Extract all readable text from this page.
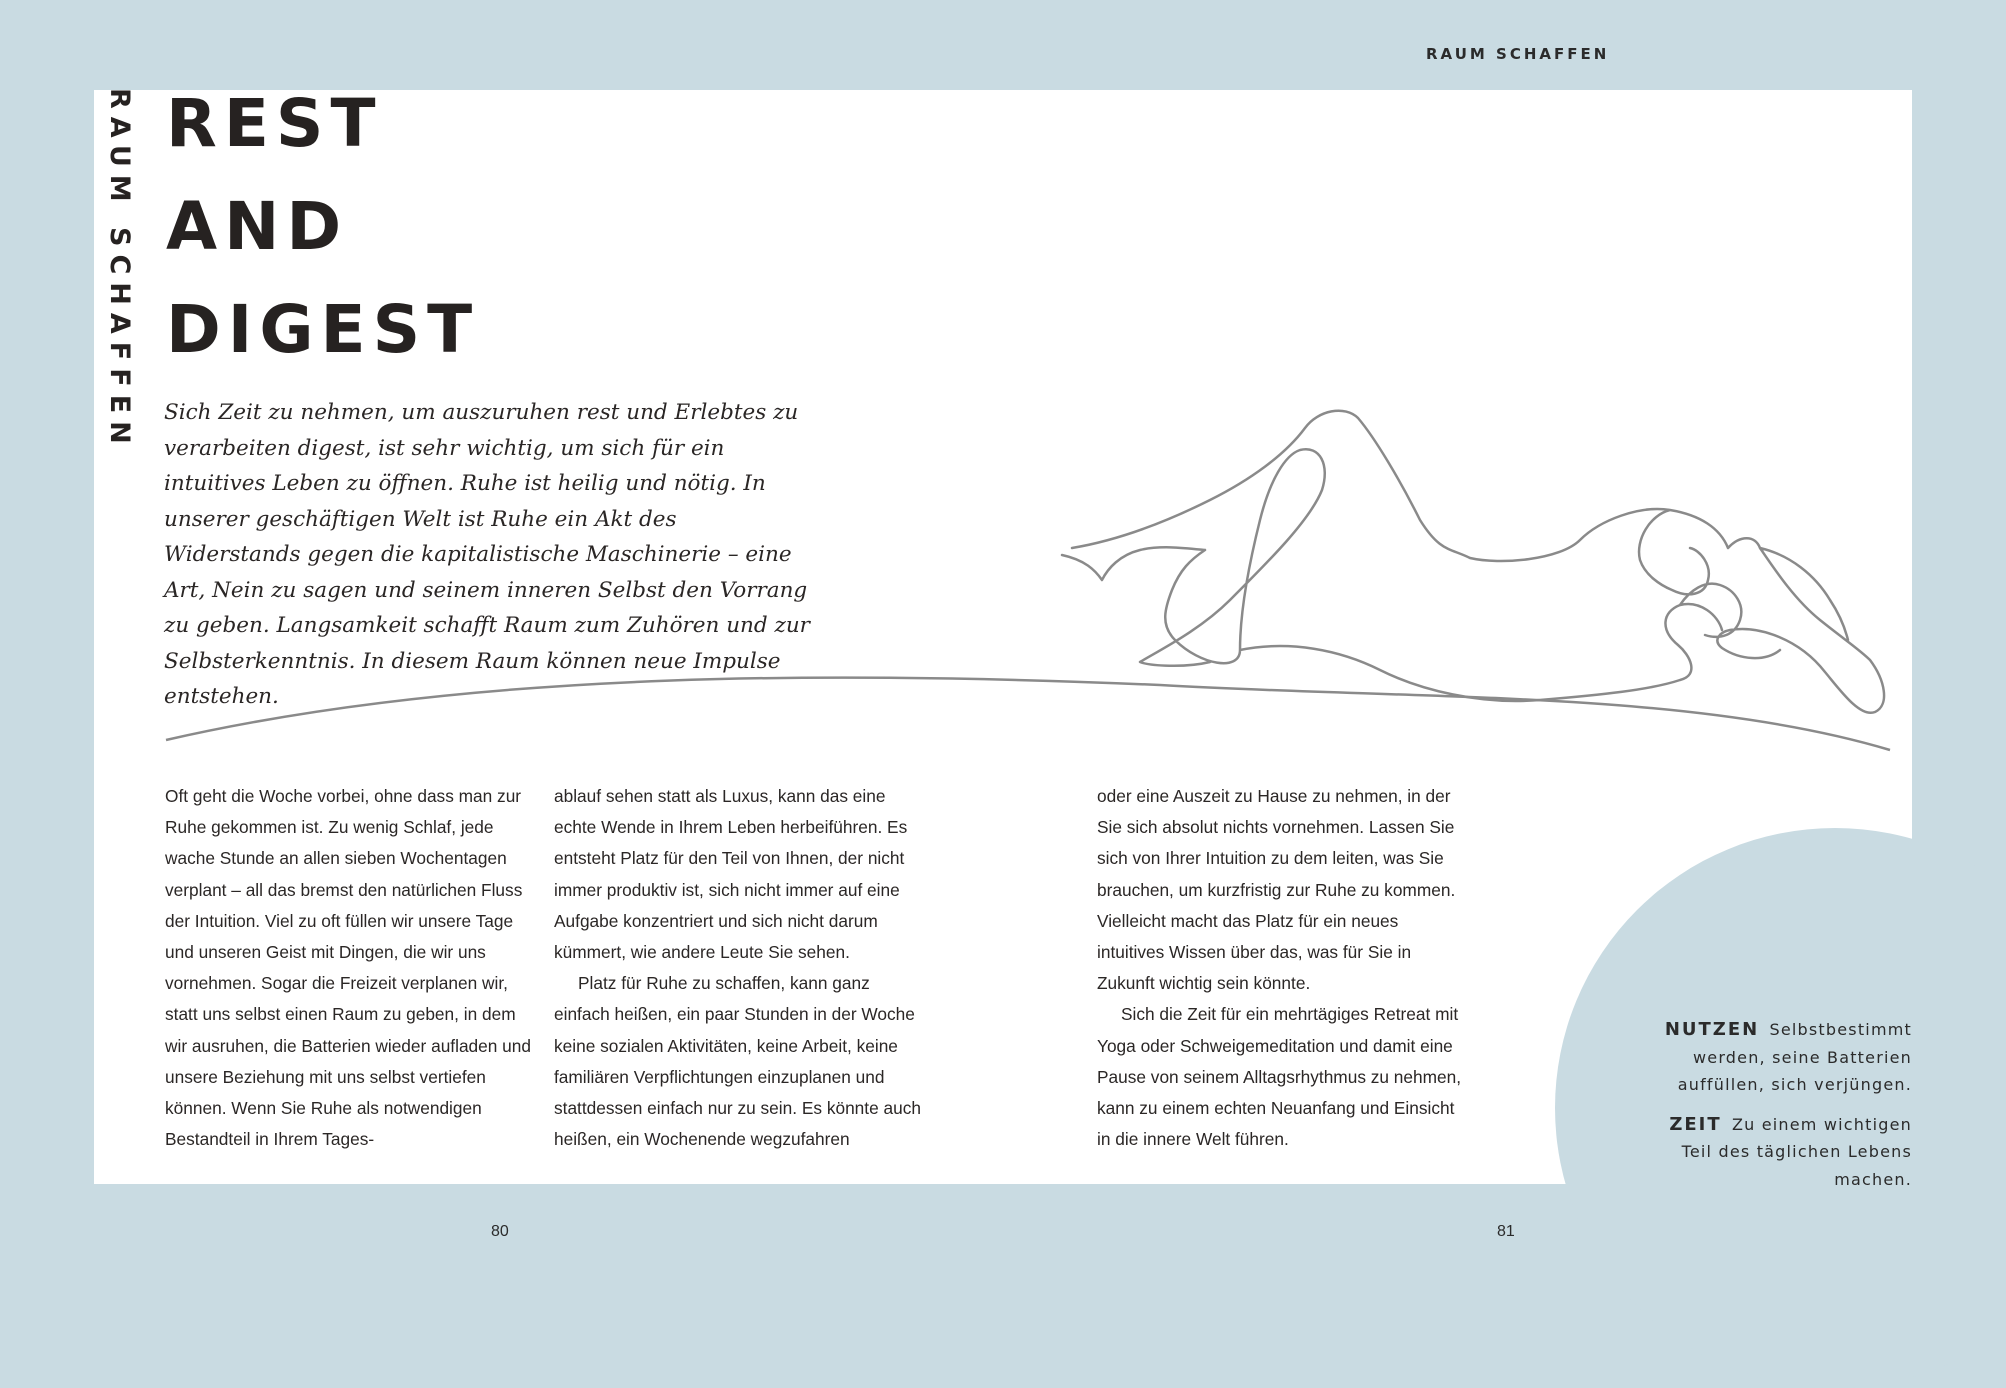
RAUM SCHAFFEN
RAUM SCHAFFEN REST
AND
DIGEST

Sich Zeit zu nehmen, um auszuruhen rest und Erlebtes zu verarbeiten digest, ist sehr wichtig, um sich für ein intuitives Leben zu öffnen. Ruhe ist heilig und nötig. In unserer geschäftigen Welt ist Ruhe ein Akt des Widerstands gegen die kapitalistische Maschinerie – eine Art, Nein zu sagen und seinem inneren Selbst den Vorrang zu geben. Langsamkeit schafft Raum zum Zuhören und zur Selbsterkenntnis. In diesem Raum können neue Impulse entstehen.

Oft geht die Woche vorbei, ohne dass man zur Ruhe gekommen ist. Zu wenig Schlaf, jede wache Stunde an allen sieben Wochentagen verplant – all das bremst den natürlichen Fluss der Intuition. Viel zu oft füllen wir unsere Tage und unseren Geist mit Dingen, die wir uns vornehmen. Sogar die Freizeit verplanen wir, statt uns selbst einen Raum zu geben, in dem wir ausruhen, die Batterien wieder aufladen und unsere Beziehung mit uns selbst vertiefen können. Wenn Sie Ruhe als notwendigen Bestandteil in Ihrem Tages-

ablauf sehen statt als Luxus, kann das eine echte Wende in Ihrem Leben herbeiführen. Es entsteht Platz für den Teil von Ihnen, der nicht immer produktiv ist, sich nicht immer auf eine Aufgabe konzentriert und sich nicht darum kümmert, wie andere Leute Sie sehen.

Platz für Ruhe zu schaffen, kann ganz einfach heißen, ein paar Stunden in der Woche keine sozialen Aktivitäten, keine Arbeit, keine familiären Verpflichtungen einzuplanen und stattdessen einfach nur zu sein. Es könnte auch heißen, ein Wochenende wegzufahren

oder eine Auszeit zu Hause zu nehmen, in der Sie sich absolut nichts vornehmen. Lassen Sie sich von Ihrer Intuition zu dem leiten, was Sie brauchen, um kurzfristig zur Ruhe zu kommen. Vielleicht macht das Platz für ein neues intuitives Wissen über das, was für Sie in Zukunft wichtig sein könnte.

Sich die Zeit für ein mehrtägiges Retreat mit Yoga oder Schweigemeditation und damit eine Pause von seinem Alltagsrhythmus zu nehmen, kann zu einem echten Neuanfang und Einsicht in die innere Welt führen.

NUTZEN Selbstbestimmt werden, seine Batterien auffüllen, sich verjüngen.

ZEIT Zu einem wichtigen Teil des täglichen Lebens machen.

80	81
